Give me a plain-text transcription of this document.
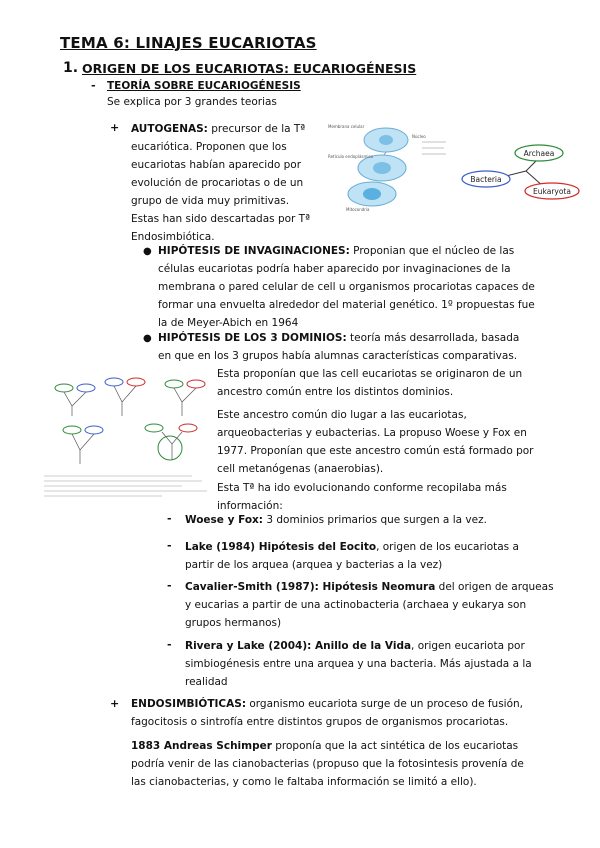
TEMA 6: LINAJES EUCARIOTAS
1. ORIGEN DE LOS EUCARIOTAS: EUCARIOGÉNESIS
- TEORÍA SOBRE EUCARIOGÉNESIS
Se explica por 3 grandes teorias
+ AUTOGENAS: precursor de la Tª
eucariótica. Proponen que los
eucariotas habían aparecido por
evolución de procariotas o de un
grupo de vida muy primitivas.
Estas han sido descartadas por Tª
Endosimbiótica.
Membrana celular
Retículo endoplásmico
Núcleo
Mitocondria
Archaea
Bacteria
Eukaryota
● HIPÓTESIS DE INVAGINACIONES: Proponian que el núcleo de las
células eucariotas podría haber aparecido por invaginaciones de la
membrana o pared celular de cell u organismos procariotas capaces de
formar una envuelta alrededor del material genético. 1º propuestas fue
la de Meyer-Abich en 1964
● HIPÓTESIS DE LOS 3 DOMINIOS: teoría más desarrollada, basada
en que en los 3 grupos había alumnas características comparativas.
Esta proponían que las cell eucariotas se originaron de un
ancestro común entre los distintos dominios.
Este ancestro común dio lugar a las eucariotas,
arqueobacterias y eubacterias. La propuso Woese y Fox en
1977. Proponían que este ancestro común está formado por
cell metanógenas (anaerobias).
Esta Tª ha ido evolucionando conforme recopilaba más
información:
- Woese y Fox: 3 dominios primarios que surgen a la vez.
- Lake (1984) Hipótesis del Eocito, origen de los eucariotas a
partir de los arquea (arquea y bacterias a la vez)
- Cavalier-Smith (1987): Hipótesis Neomura del origen de arqueas
y eucarias a partir de una actinobacteria (archaea y eukarya son
grupos hermanos)
- Rivera y Lake (2004): Anillo de la Vida, origen eucariota por
simbiogénesis entre una arquea y una bacteria. Más ajustada a la
realidad
+ ENDOSIMBIÓTICAS: organismo eucariota surge de un proceso de fusión,
fagocitosis o sintrofía entre distintos grupos de organismos procariotas.
1883 Andreas Schimper proponía que la act sintética de los eucariotas
podría venir de las cianobacterias (propuso que la fotosintesis provenía de
las cianobacterias, y como le faltaba información se limitó a ello).
